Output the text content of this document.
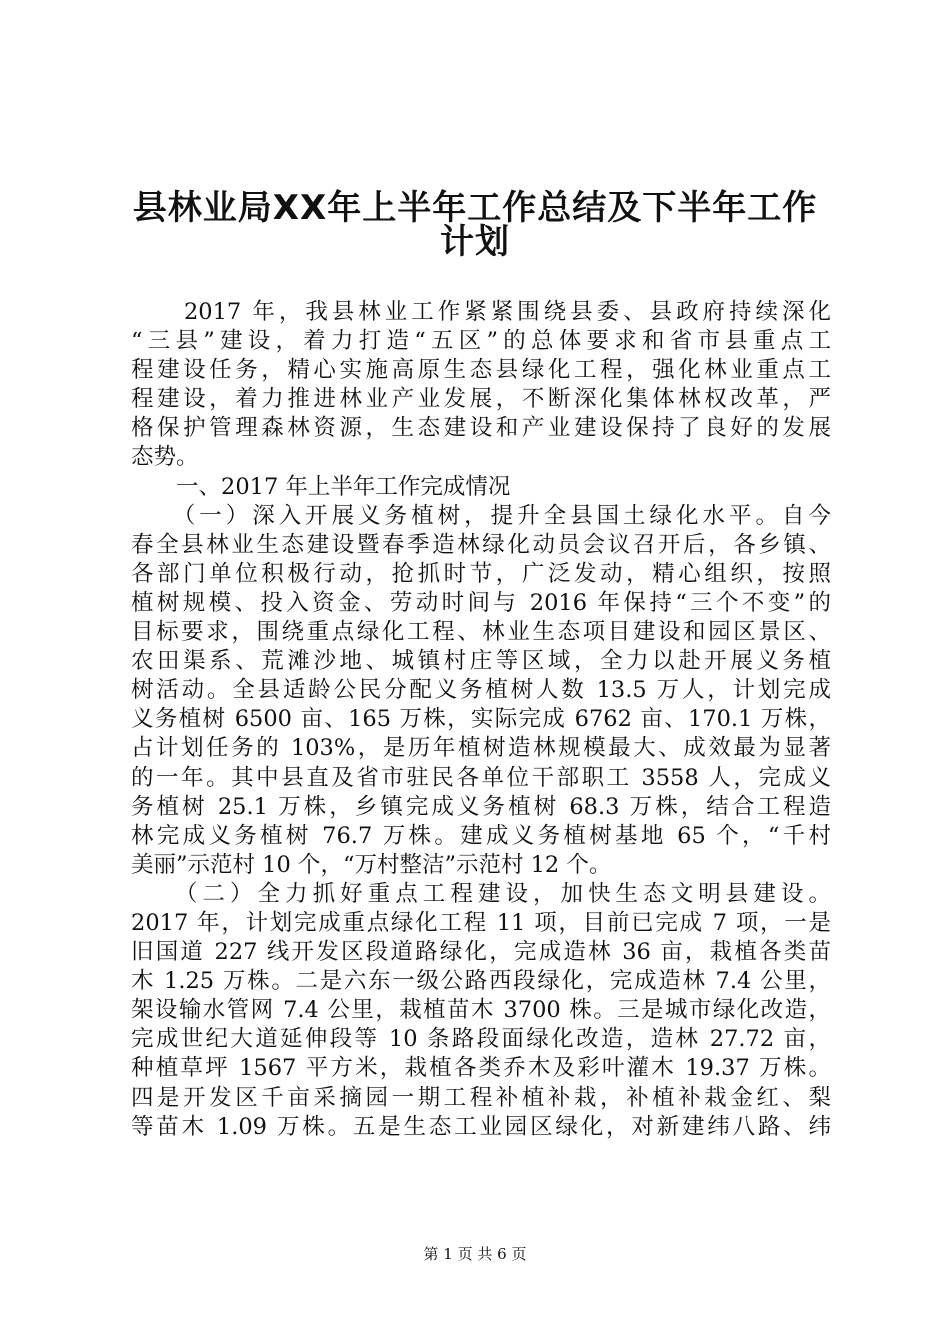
县林业局XX年上半年工作总结及下半年工作
计划
　　2017 年，我县林业工作紧紧围绕县委、县政府持续深化
“三县”建设，着力打造“五区”的总体要求和省市县重点工
程建设任务，精心实施高原生态县绿化工程，强化林业重点工
程建设，着力推进林业产业发展，不断深化集体林权改革，严
格保护管理森林资源，生态建设和产业建设保持了良好的发展
态势。
　　一、2017 年上半年工作完成情况
　　（一）深入开展义务植树，提升全县国土绿化水平。自今
春全县林业生态建设暨春季造林绿化动员会议召开后，各乡镇、
各部门单位积极行动，抢抓时节，广泛发动，精心组织，按照
植树规模、投入资金、劳动时间与 2016 年保持“三个不变”的
目标要求，围绕重点绿化工程、林业生态项目建设和园区景区、
农田渠系、荒滩沙地、城镇村庄等区域，全力以赴开展义务植
树活动。全县适龄公民分配义务植树人数 13.5 万人，计划完成
义务植树 6500 亩、165 万株，实际完成 6762 亩、170.1 万株，
占计划任务的 103%，是历年植树造林规模最大、成效最为显著
的一年。其中县直及省市驻民各单位干部职工 3558 人，完成义
务植树 25.1 万株，乡镇完成义务植树 68.3 万株，结合工程造
林完成义务植树 76.7 万株。建成义务植树基地 65 个，“千村
美丽”示范村 10 个，“万村整洁”示范村 12 个。
　　（二）全力抓好重点工程建设，加快生态文明县建设。
2017 年，计划完成重点绿化工程 11 项，目前已完成 7 项，一是
旧国道 227 线开发区段道路绿化，完成造林 36 亩，栽植各类苗
木 1.25 万株。二是六东一级公路西段绿化，完成造林 7.4 公里，
架设输水管网 7.4 公里，栽植苗木 3700 株。三是城市绿化改造，
完成世纪大道延伸段等 10 条路段面绿化改造，造林 27.72 亩，
种植草坪 1567 平方米，栽植各类乔木及彩叶灌木 19.37 万株。
四是开发区千亩采摘园一期工程补植补栽，补植补栽金红、梨
等苗木 1.09 万株。五是生态工业园区绿化，对新建纬八路、纬
第 1 页 共 6 页
